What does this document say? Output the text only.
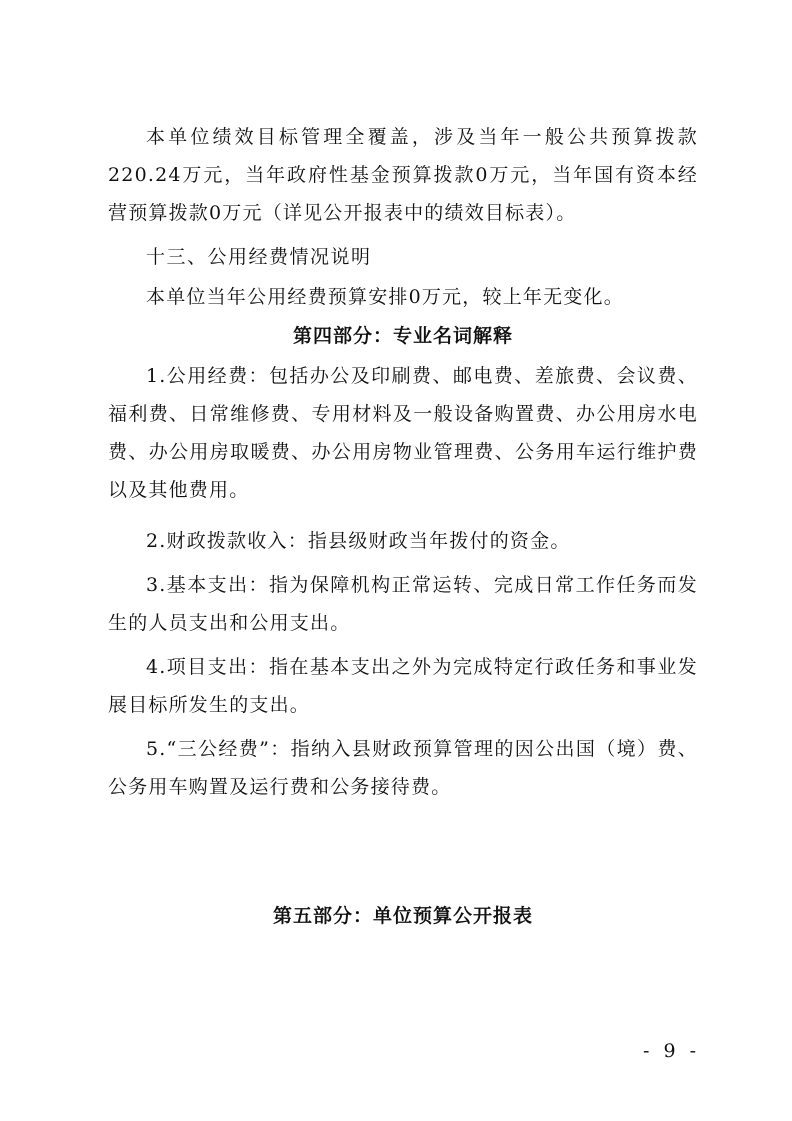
本单位绩效目标管理全覆盖，涉及当年一般公共预算拨款220.24万元，当年政府性基金预算拨款0万元，当年国有资本经营预算拨款0万元（详见公开报表中的绩效目标表）。

十三、公用经费情况说明

本单位当年公用经费预算安排0万元，较上年无变化。

第四部分：专业名词解释

1.公用经费：包括办公及印刷费、邮电费、差旅费、会议费、福利费、日常维修费、专用材料及一般设备购置费、办公用房水电费、办公用房取暖费、办公用房物业管理费、公务用车运行维护费以及其他费用。

2.财政拨款收入：指县级财政当年拨付的资金。

3.基本支出：指为保障机构正常运转、完成日常工作任务而发生的人员支出和公用支出。

4.项目支出：指在基本支出之外为完成特定行政任务和事业发展目标所发生的支出。

5.“三公经费”：指纳入县财政预算管理的因公出国（境）费、公务用车购置及运行费和公务接待费。

第五部分：单位预算公开报表

- 9 -
